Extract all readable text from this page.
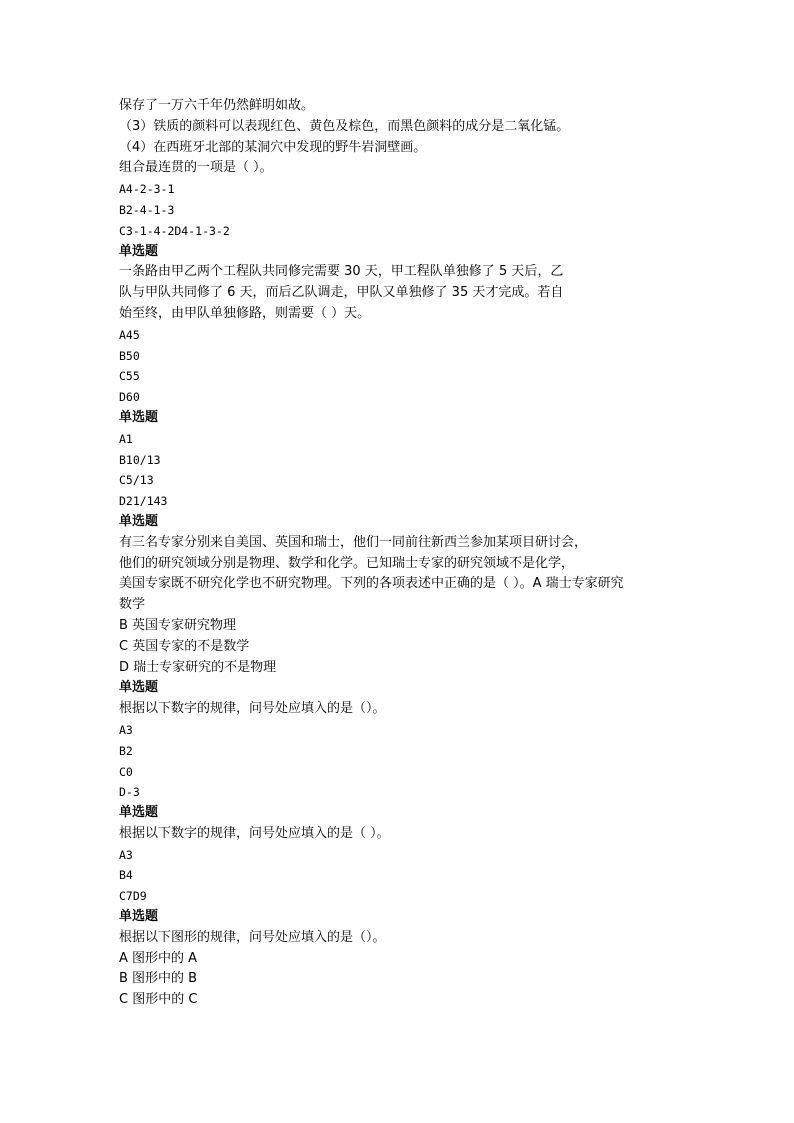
保存了一万六千年仍然鲜明如故。
（3）铁质的颜料可以表现红色、黄色及棕色，而黑色颜料的成分是二氧化锰。
（4）在西班牙北部的某洞穴中发现的野牛岩洞壁画。
组合最连贯的一项是（ ）。
A4-2-3-1
B2-4-1-3
C3-1-4-2D4-1-3-2
单选题
一条路由甲乙两个工程队共同修完需要 30 天，甲工程队单独修了 5 天后，乙
队与甲队共同修了 6 天，而后乙队调走，甲队又单独修了 35 天才完成。若自
始至终，由甲队单独修路，则需要（ ）天。
A45
B50
C55
D60
单选题
A1
B10/13
C5/13
D21/143
单选题
有三名专家分别来自美国、英国和瑞士，他们一同前往新西兰参加某项目研讨会，
他们的研究领域分别是物理、数学和化学。已知瑞士专家的研究领域不是化学，
美国专家既不研究化学也不研究物理。下列的各项表述中正确的是（ ）。A 瑞士专家研究
数学
B 英国专家研究物理
C 英国专家的不是数学
D 瑞士专家研究的不是物理
单选题
根据以下数字的规律，问号处应填入的是（）。
A3
B2
C0
D-3
单选题
根据以下数字的规律，问号处应填入的是（ ）。
A3
B4
C7D9
单选题
根据以下图形的规律，问号处应填入的是（）。
A 图形中的 A
B 图形中的 B
C 图形中的 C
